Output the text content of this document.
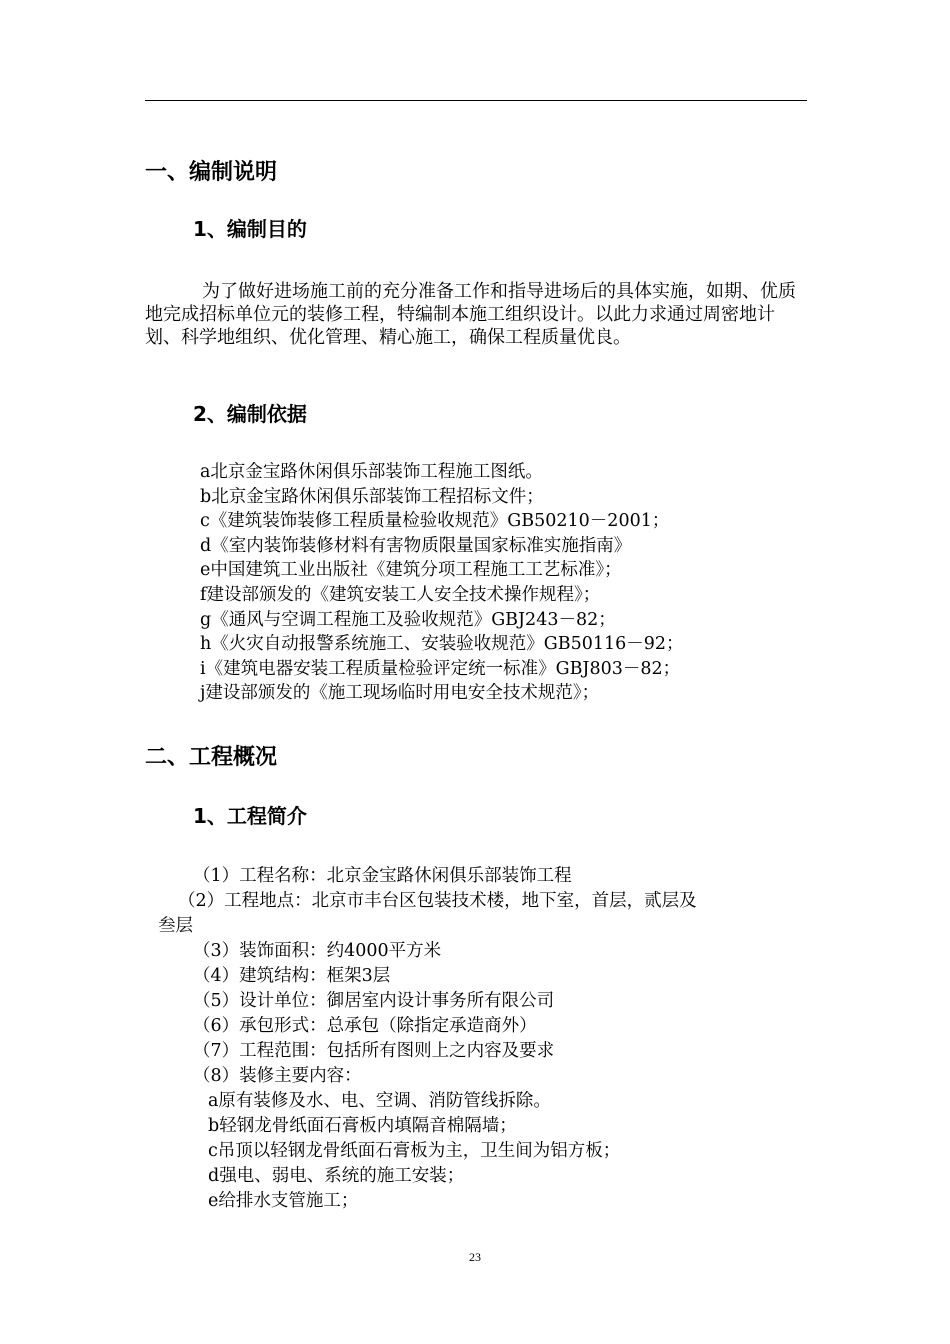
一、编制说明
1、编制目的
为了做好进场施工前的充分准备工作和指导进场后的具体实施，如期、优质地完成招标单位元的装修工程，特编制本施工组织设计。以此力求通过周密地计划、科学地组织、优化管理、精心施工，确保工程质量优良。
2、编制依据
a北京金宝路休闲俱乐部装饰工程施工图纸。
b北京金宝路休闲俱乐部装饰工程招标文件；
c《建筑装饰装修工程质量检验收规范》GB50210－2001；
d《室内装饰装修材料有害物质限量国家标准实施指南》
e中国建筑工业出版社《建筑分项工程施工工艺标准》；
f建设部颁发的《建筑安装工人安全技术操作规程》；
g《通风与空调工程施工及验收规范》GBJ243－82；
h《火灾自动报警系统施工、安装验收规范》GB50116－92；
i《建筑电器安装工程质量检验评定统一标准》GBJ803－82；
j建设部颁发的《施工现场临时用电安全技术规范》；
二、工程概况
1、工程简介
（1）工程名称：北京金宝路休闲俱乐部装饰工程
（2）工程地点：北京市丰台区包装技术楼，地下室，首层，贰层及
叁层
（3）装饰面积：约4000平方米
（4）建筑结构：框架3层
（5）设计单位：御居室内设计事务所有限公司
（6）承包形式：总承包（除指定承造商外）
（7）工程范围：包括所有图则上之内容及要求
（8）装修主要内容：
a原有装修及水、电、空调、消防管线拆除。
b轻钢龙骨纸面石膏板内填隔音棉隔墙；
c吊顶以轻钢龙骨纸面石膏板为主，卫生间为铝方板；
d强电、弱电、系统的施工安装；
e给排水支管施工；
23
